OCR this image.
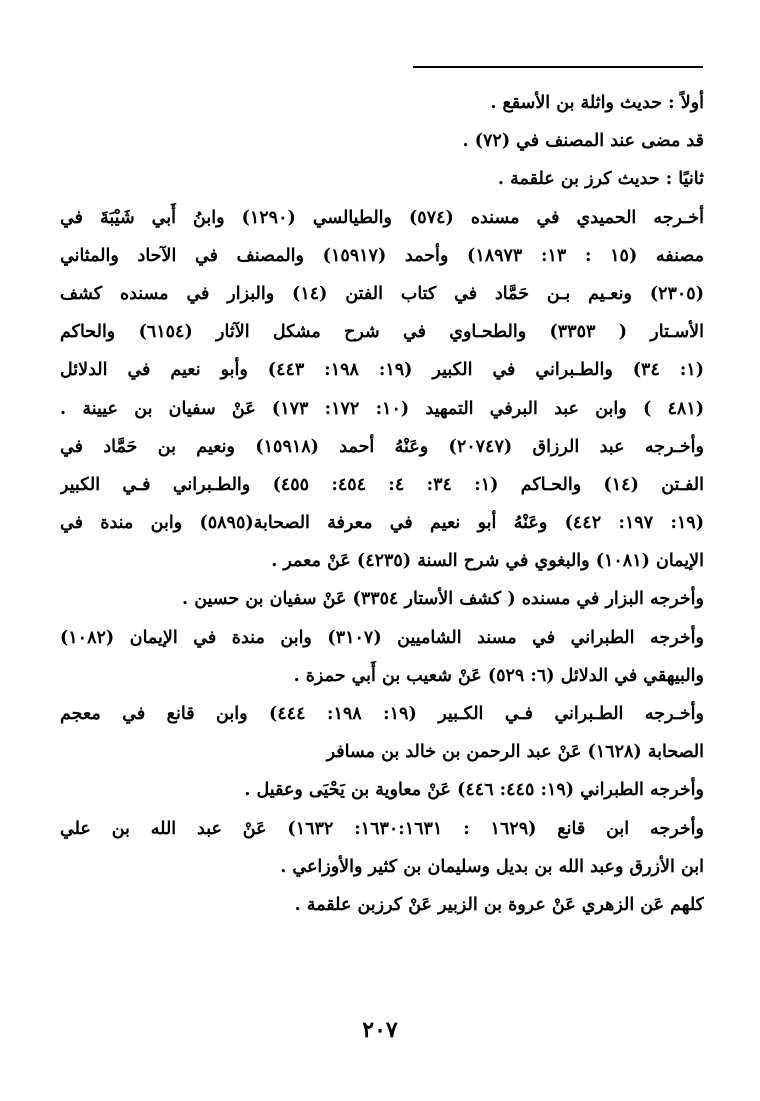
أولاً : حديث واثلة بن الأسقع .
قد مضى عند المصنف في (٧٢) .
ثانيًا : حديث كرز بن علقمة .
أخـرجه الحميدي في مسنده (٥٧٤) والطيالسي (١٢٩٠) وابنُ أَبي شَيْبَةَ في
مصنفه (١٥ : ١٣: ١٨٩٧٣) وأحمد (١٥٩١٧) والمصنف في الآحاد والمثاني
(٢٣٠٥) ونعـيم بـن حَمَّاد في كتاب الفتن (١٤) والبزار في مسنده كشف
الأسـتار ( ٣٣٥٣) والطحـاوي في شرح مشكل الآثار (٦١٥٤) والحاكم
(١: ٣٤) والطـبراني في الكبير (١٩: ١٩٨: ٤٤٣) وأبو نعيم في الدلائل
(٤٨١ ) وابن عبد البرفي التمهيد (١٠: ١٧٢: ١٧٣) عَنْ سفيان بن عيينة .
وأخـرجه عبد الرزاق (٢٠٧٤٧) وعَنْهُ أحمد (١٥٩١٨) ونعيم بن حَمَّاد في
الفـتن (١٤) والحـاكم (١: ٣٤: ٤: ٤٥٤: ٤٥٥) والطـبراني فـي الكبير
(١٩: ١٩٧: ٤٤٢) وعَنْهُ أبو نعيم في معرفة الصحابة(٥٨٩٥) وابن مندة في
الإيمان (١٠٨١) والبغوي في شرح السنة (٤٢٣٥) عَنْ معمر .
وأخرجه البزار في مسنده ( كشف الأستار ٣٣٥٤) عَنْ سفيان بن حسين .
وأخرجه الطبراني في مسند الشاميين (٣١٠٧) وابن مندة في الإيمان (١٠٨٢)
والبيهقي في الدلائل (٦: ٥٢٩) عَنْ شعيب بن أَبي حمزة .
وأخـرجه الطـبراني فـي الكـبير (١٩: ١٩٨: ٤٤٤) وابن قانع في معجم
الصحابة (١٦٢٨) عَنْ عبد الرحمن بن خالد بن مسافر
وأخرجه الطبراني (١٩: ٤٤٥: ٤٤٦) عَنْ معاوية بن يَحْيَى وعقيل .
وأخرجه ابن قانع (١٦٢٩ : ١٦٣٠:١٦٣١: ١٦٣٢) عَنْ عبد الله بن علي
ابن الأزرق وعبد الله بن بديل وسليمان بن كثير والأوزاعي .
كلهم عَن الزهري عَنْ عروة بن الزبير عَنْ كرزبن علقمة .
٢٠٧
